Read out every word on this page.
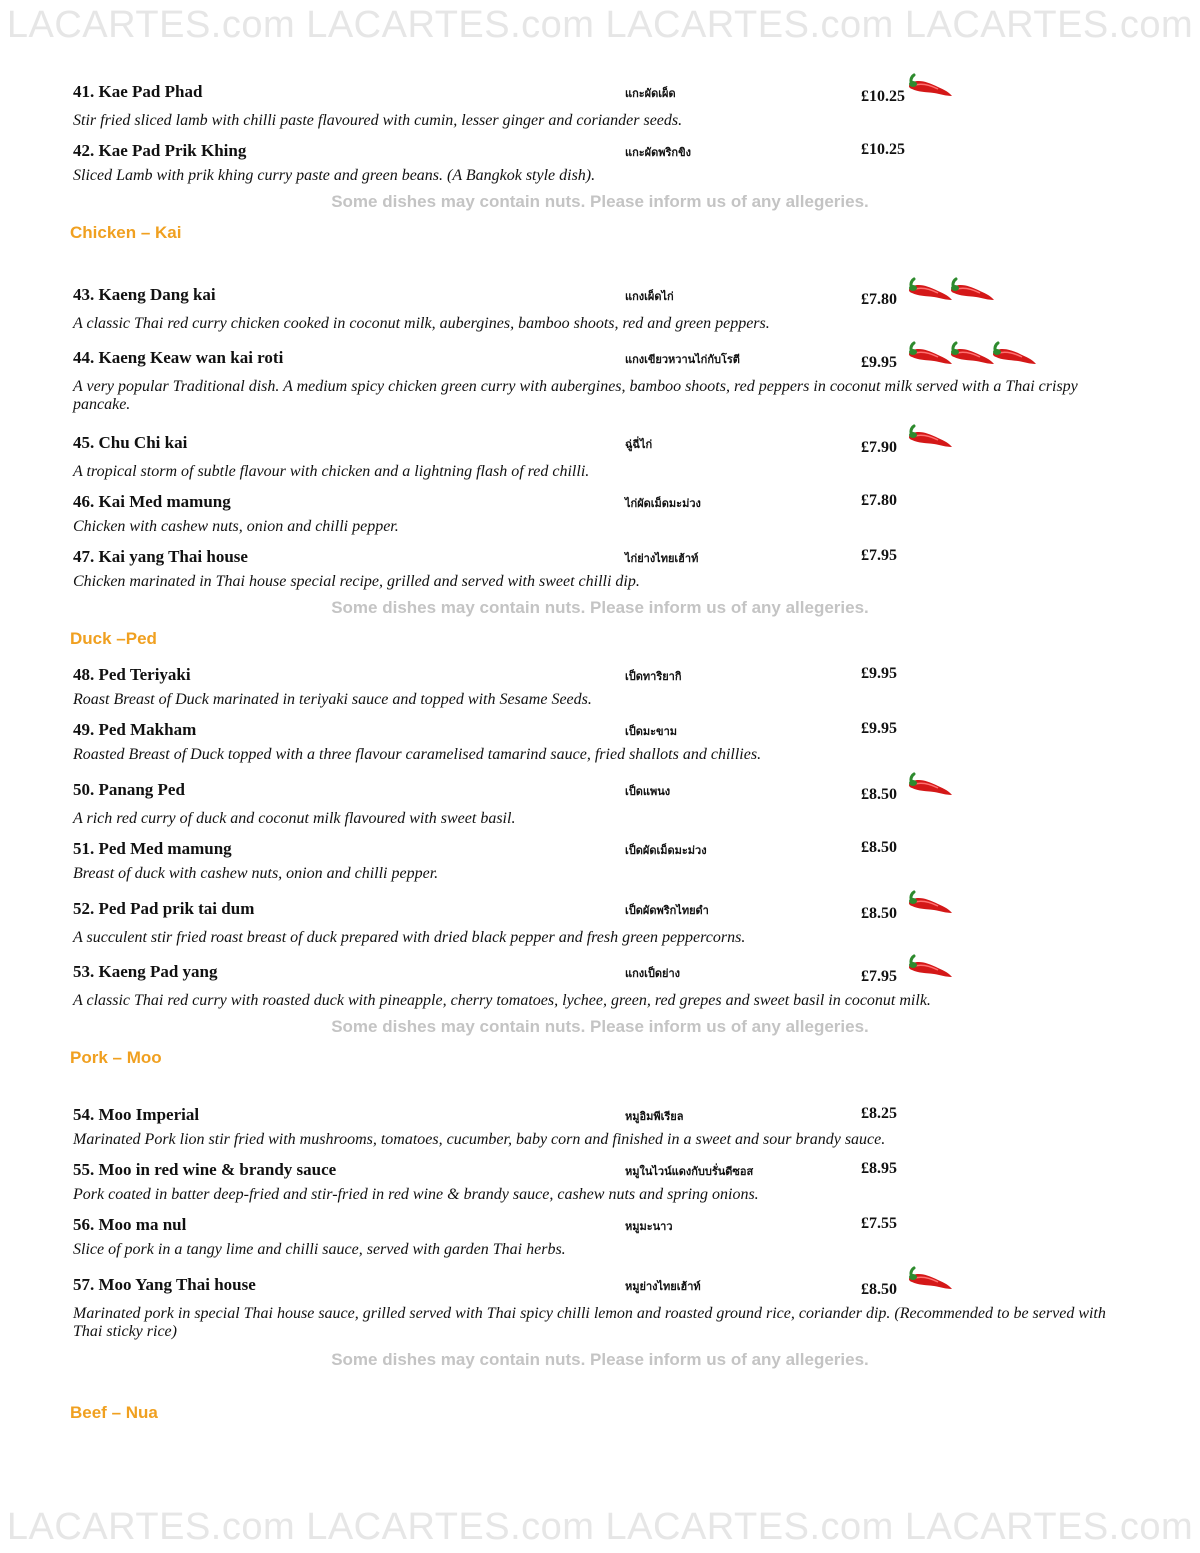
LACARTES.com LACARTES.com LACARTES.com LACARTES.com
41. Kae Pad Phad	แกะผัดเผ็ด	£10.25
Stir fried sliced lamb with chilli paste flavoured with cumin, lesser ginger and coriander seeds.
42. Kae Pad Prik Khing	แกะผัดพริกขิง	£10.25
Sliced Lamb with prik khing curry paste and green beans. (A Bangkok style dish).
43. Kaeng Dang kai	แกงเผ็ดไก่	£7.80
A classic Thai red curry chicken cooked in coconut milk, aubergines, bamboo shoots, red and green peppers.
44. Kaeng Keaw wan kai roti	แกงเขียวหวานไก่กับโรตี	£9.95
A very popular Traditional dish. A medium spicy chicken green curry with aubergines, bamboo shoots, red peppers in coconut milk served with a Thai crispy pancake.
45. Chu Chi kai	ฉู่ฉี่ไก่	£7.90
A tropical storm of subtle flavour with chicken and a lightning flash of red chilli.
46. Kai Med mamung	ไก่ผัดเม็ดมะม่วง	£7.80
Chicken with cashew nuts, onion and chilli pepper.
47. Kai yang Thai house	ไก่ย่างไทยเฮ้าท์	£7.95
Chicken marinated in Thai house special recipe, grilled and served with sweet chilli dip.
48. Ped Teriyaki	เป็ดทาริยากิ	£9.95
Roast Breast of Duck marinated in teriyaki sauce and topped with Sesame Seeds.
49. Ped Makham	เป็ดมะขาม	£9.95
Roasted Breast of Duck topped with a three flavour caramelised tamarind sauce, fried shallots and chillies.
50. Panang Ped	เป็ดแพนง	£8.50
A rich red curry of duck and coconut milk flavoured with sweet basil.
51. Ped Med mamung	เป็ดผัดเม็ดมะม่วง	£8.50
Breast of duck with cashew nuts, onion and chilli pepper.
52. Ped Pad prik tai dum	เป็ดผัดพริกไทยดำ	£8.50
A succulent stir fried roast breast of duck prepared with dried black pepper and fresh green peppercorns.
53. Kaeng Pad yang	แกงเป็ดย่าง	£7.95
A classic Thai red curry with roasted duck with pineapple, cherry tomatoes, lychee, green, red grepes and sweet basil in coconut milk.
54. Moo Imperial	หมูอิมพีเรียล	£8.25
Marinated Pork lion stir fried with mushrooms, tomatoes, cucumber, baby corn and finished in a sweet and sour brandy sauce.
55. Moo in red wine & brandy sauce	หมูในไวน์แดงกับบรั่นดีซอส	£8.95
Pork coated in batter deep-fried and stir-fried in red wine & brandy sauce, cashew nuts and spring onions.
56. Moo ma nul	หมูมะนาว	£7.55
Slice of pork in a tangy lime and chilli sauce, served with garden Thai herbs.
57. Moo Yang Thai house	หมูย่างไทยเฮ้าท์	£8.50
Marinated pork in special Thai house sauce, grilled served with Thai spicy chilli lemon and roasted ground rice, coriander dip. (Recommended to be served with Thai sticky rice)
Chicken – Kai
Duck –Ped
Pork – Moo
Beef – Nua
Some dishes may contain nuts. Please inform us of any allegeries.
Some dishes may contain nuts. Please inform us of any allegeries.
Some dishes may contain nuts. Please inform us of any allegeries.
Some dishes may contain nuts. Please inform us of any allegeries.
LACARTES.com LACARTES.com LACARTES.com LACARTES.com
